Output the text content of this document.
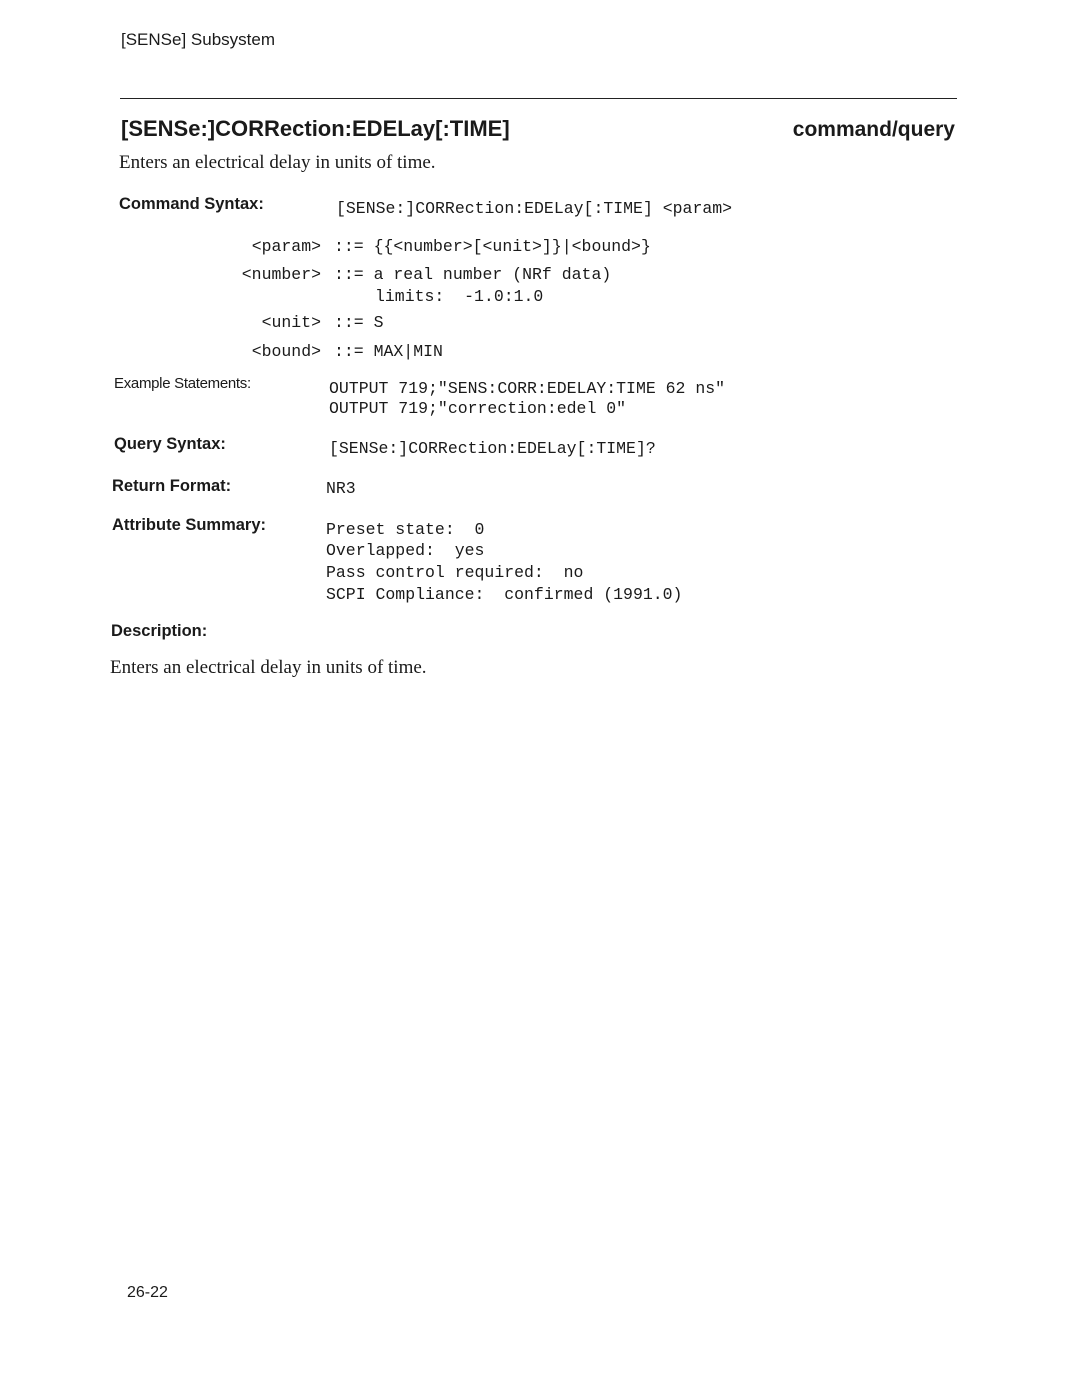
[SENSe] Subsystem
[SENSe:]CORRection:EDELay[:TIME]	command/query
Enters an electrical delay in units of time.
Command Syntax:	[SENSe:]CORRection:EDELay[:TIME] <param>
<param> ::= {{<number>[<unit>]}|<bound>}
<number> ::= a real number (NRf data)
limits:  -1.0:1.0
<unit> ::= S
<bound> ::= MAX|MIN
Example Statements:	OUTPUT 719;"SENS:CORR:EDELAY:TIME 62 ns"
OUTPUT 719;"correction:edel 0"
Query Syntax:	[SENSe:]CORRection:EDELay[:TIME]?
Return Format:	NR3
Attribute Summary:	Preset state:  0
Overlapped:  yes
Pass control required:  no
SCPI Compliance:  confirmed (1991.0)
Description:
Enters an electrical delay in units of time.
26-22
